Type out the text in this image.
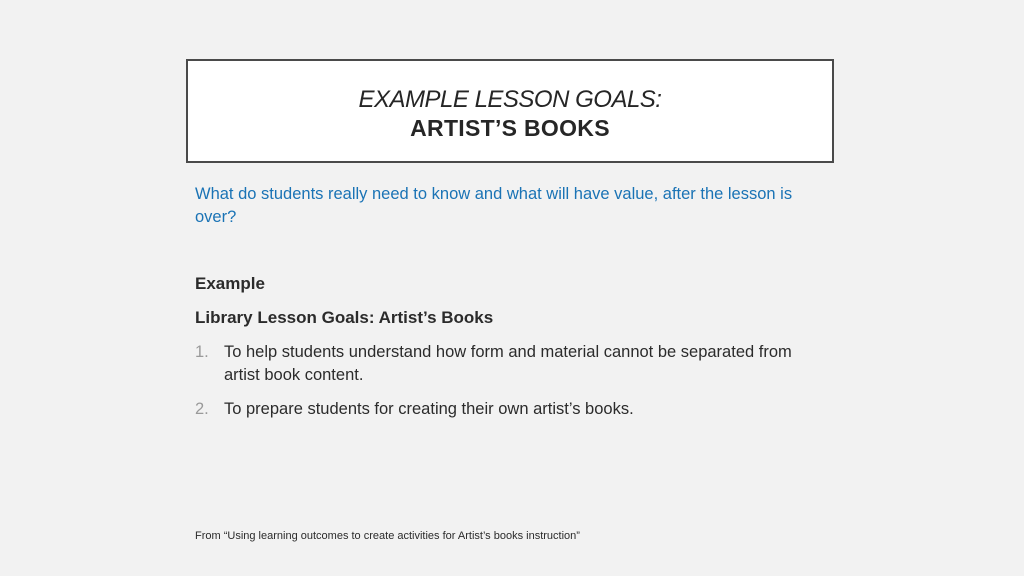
EXAMPLE LESSON GOALS:
ARTIST’S BOOKS
What do students really need to know and what will have value, after the lesson is over?
Example
Library Lesson Goals: Artist’s Books
1. To help students understand how form and material cannot be separated from artist book content.
2. To prepare students for creating their own artist’s books.
From “Using learning outcomes to create activities for Artist’s books instruction”
